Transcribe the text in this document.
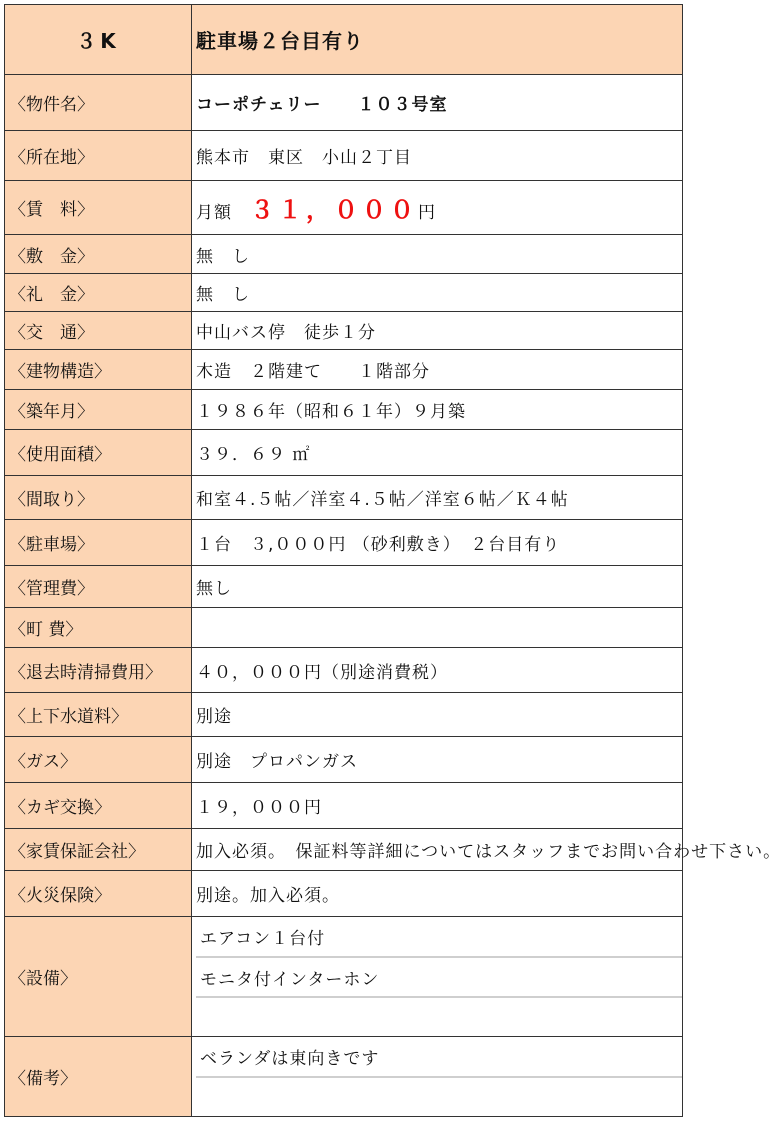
３K	駐車場２台目有り
〈物件名〉	コーポチェリー　　１０３号室
〈所在地〉	熊本市　東区　小山２丁目
〈賃　料〉	月額　３１，０００円
〈敷　金〉	無　し
〈礼　金〉	無　し
〈交　通〉	中山バス停　徒歩１分
〈建物構造〉	木造　２階建て　　１階部分
〈築年月〉	１９８６年（昭和６１年）９月築
〈使用面積〉	３９．６９ ㎡
〈間取り〉	和室４.５帖／洋室４.５帖／洋室６帖／Ｋ４帖
〈駐車場〉	１台　３,０００円 （砂利敷き）　２台目有り
〈管理費〉	無し
〈町 費〉	
〈退去時清掃費用〉	４０，０００円（別途消費税）
〈上下水道料〉	別途
〈ガス〉	別途　プロパンガス
〈カギ交換〉	１９，０００円
〈家賃保証会社〉	加入必須。　保証料等詳細についてはスタッフまでお問い合わせ下さい。
〈火災保険〉	別途。加入必須。
〈設備〉	エアコン１台付
モニタ付インターホン

〈備考〉	ベランダは東向きです
